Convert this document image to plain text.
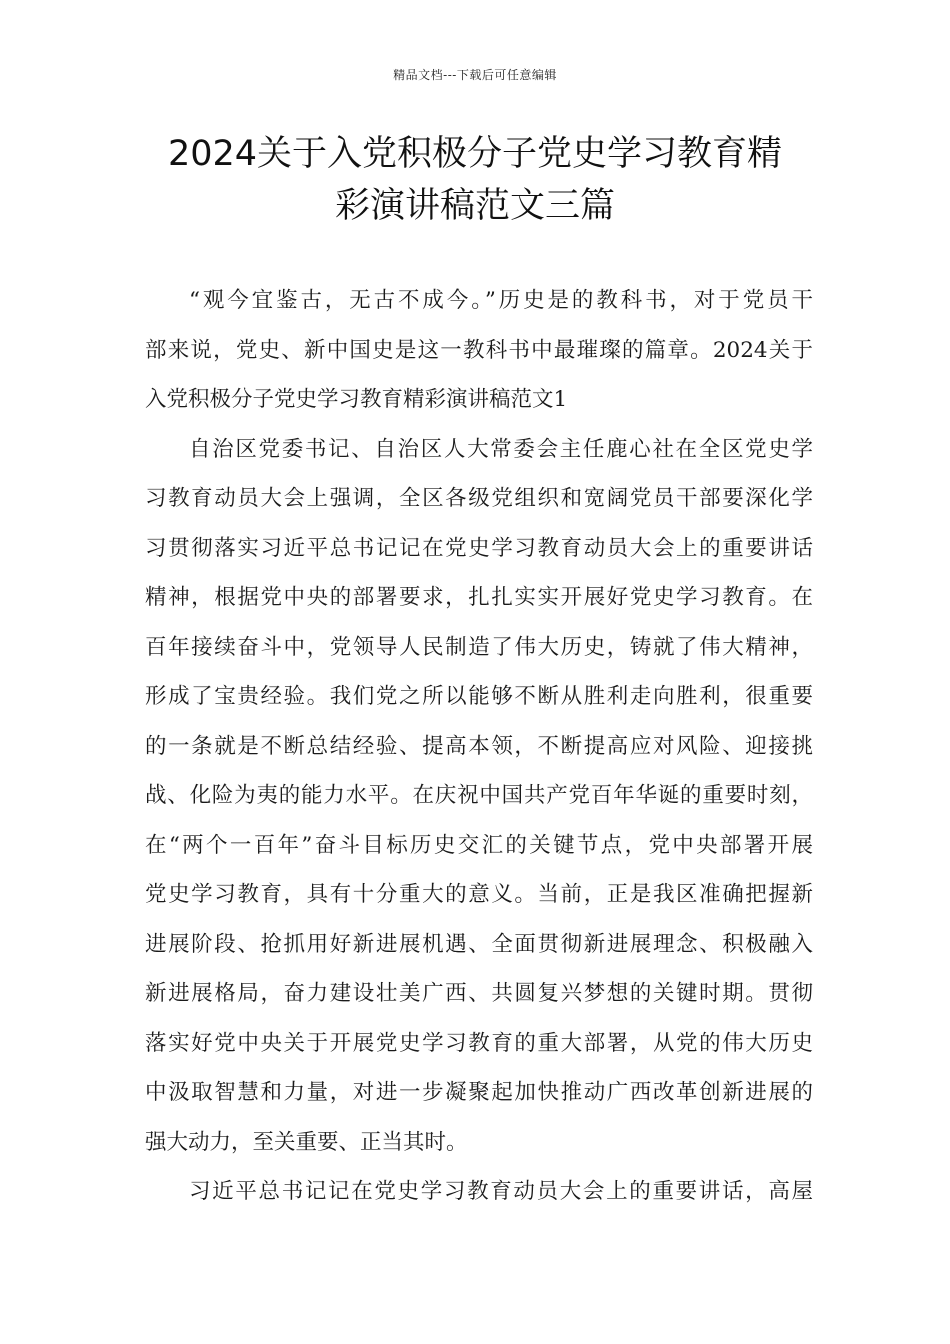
精品文档---下载后可任意编辑
2024关于入党积极分子党史学习教育精
彩演讲稿范文三篇

“观今宜鉴古，无古不成今。”历史是的教科书，对于党员干
部来说，党史、新中国史是这一教科书中最璀璨的篇章。2024关于
入党积极分子党史学习教育精彩演讲稿范文1

自治区党委书记、自治区人大常委会主任鹿心社在全区党史学
习教育动员大会上强调，全区各级党组织和宽阔党员干部要深化学
习贯彻落实习近平总书记记在党史学习教育动员大会上的重要讲话
精神，根据党中央的部署要求，扎扎实实开展好党史学习教育。在
百年接续奋斗中，党领导人民制造了伟大历史，铸就了伟大精神，
形成了宝贵经验。我们党之所以能够不断从胜利走向胜利，很重要
的一条就是不断总结经验、提高本领，不断提高应对风险、迎接挑
战、化险为夷的能力水平。在庆祝中国共产党百年华诞的重要时刻，
在“两个一百年”奋斗目标历史交汇的关键节点，党中央部署开展
党史学习教育，具有十分重大的意义。当前，正是我区准确把握新
进展阶段、抢抓用好新进展机遇、全面贯彻新进展理念、积极融入
新进展格局，奋力建设壮美广西、共圆复兴梦想的关键时期。贯彻
落实好党中央关于开展党史学习教育的重大部署，从党的伟大历史
中汲取智慧和力量，对进一步凝聚起加快推动广西改革创新进展的
强大动力，至关重要、正当其时。

习近平总书记记在党史学习教育动员大会上的重要讲话，高屋
